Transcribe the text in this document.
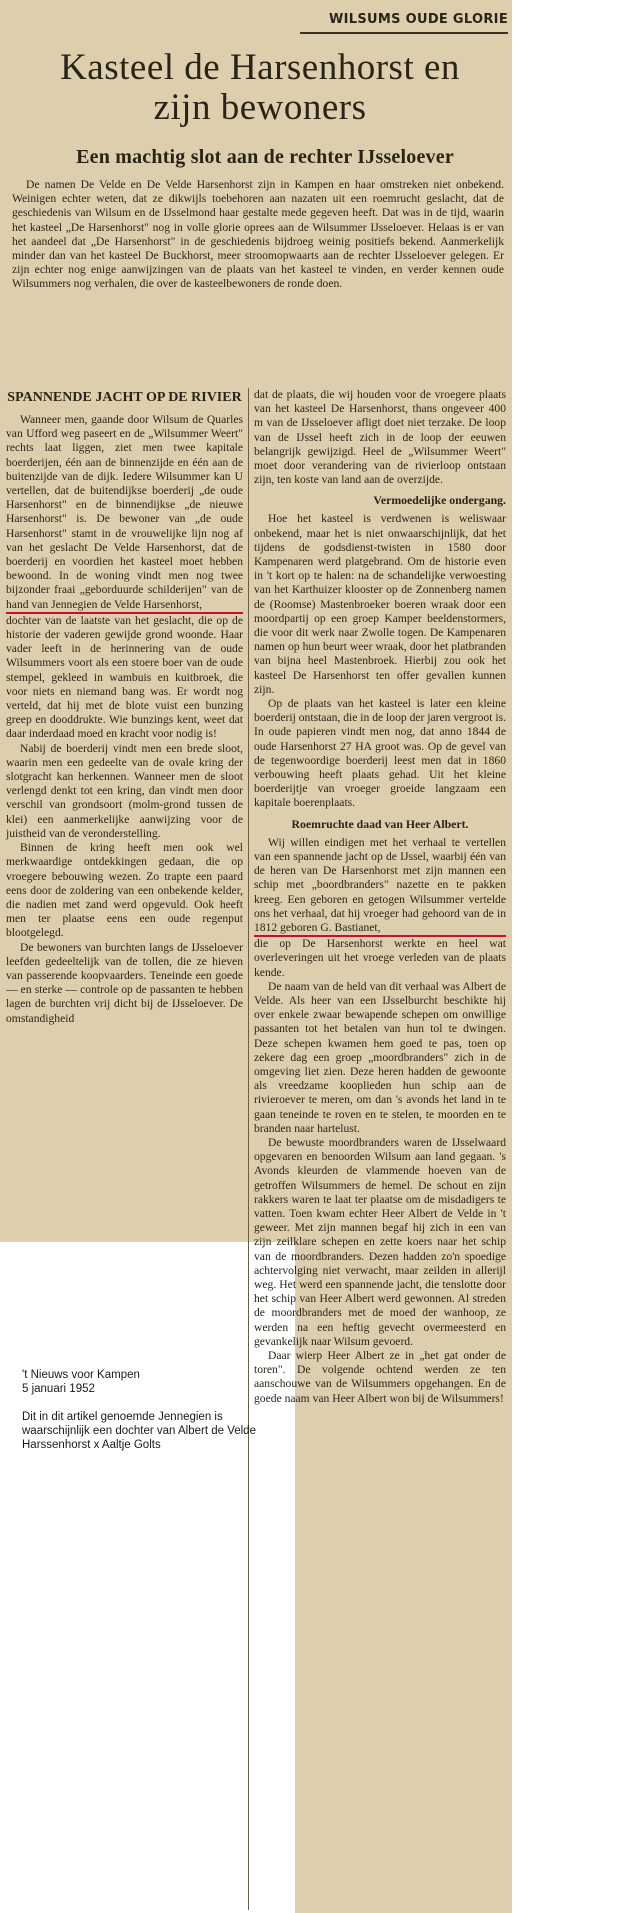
WILSUMS OUDE GLORIE
Kasteel de Harsenhorst en
zijn bewoners
Een machtig slot aan de rechter IJsseloever

De namen De Velde en De Velde Harsenhorst zijn in Kampen en haar omstreken niet onbekend. Weinigen echter weten, dat ze dikwijls toebehoren aan nazaten uit een roemrucht geslacht, dat de geschiedenis van Wilsum en de IJsselmond haar gestalte mede gegeven heeft. Dat was in de tijd, waarin het kasteel „De Harsenhorst" nog in volle glorie oprees aan de Wilsummer IJsseloever. Helaas is er van het aandeel dat „De Harsenhorst" in de geschiedenis bijdroeg weinig positiefs bekend. Aanmerkelijk minder dan van het kasteel De Buckhorst, meer stroomopwaarts aan de rechter IJsseloever gelegen. Er zijn echter nog enige aanwijzingen van de plaats van het kasteel te vinden, en verder kennen oude Wilsummers nog verhalen, die over de kasteelbewoners de ronde doen.

SPANNENDE JACHT OP DE RIVIER

Wanneer men, gaande door Wilsum de Quarles van Ufford weg paseert en de „Wilsummer Weert" rechts laat liggen, ziet men twee kapitale boerderijen, één aan de binnenzijde en één aan de buitenzijde van de dijk. Iedere Wilsummer kan U vertellen, dat de buitendijkse boerderij „de oude Harsenhorst" en de binnendijkse „de nieuwe Harsenhorst" is. De bewoner van „de oude Harsenhorst" stamt in de vrouwelijke lijn nog af van het geslacht De Velde Harsenhorst, dat de boerderij en voordien het kasteel moet hebben bewoond. In de woning vindt men nog twee bijzonder fraai „geborduurde schilderijen" van de hand van Jennegien de Velde Harsenhorst,

dochter van de laatste van het geslacht, die op de historie der vaderen gewijde grond woonde. Haar vader leeft in de herinnering van de oude Wilsummers voort als een stoere boer van de oude stempel, gekleed in wambuis en kuitbroek, die voor niets en niemand bang was. Er wordt nog verteld, dat hij met de blote vuist een bunzing greep en dooddrukte. Wie bunzings kent, weet dat daar inderdaad moed en kracht voor nodig is!

Nabij de boerderij vindt men een brede sloot, waarin men een gedeelte van de ovale kring der slotgracht kan herkennen. Wanneer men de sloot verlengd denkt tot een kring, dan vindt men door verschil van grondsoort (molm-grond tussen de klei) een aanmerkelijke aanwijzing voor de juistheid van de veronderstelling.

Binnen de kring heeft men ook wel merkwaardige ontdekkingen gedaan, die op vroegere bebouwing wezen. Zo trapte een paard eens door de zoldering van een onbekende kelder, die nadien met zand werd opgevuld. Ook heeft men ter plaatse eens een oude regenput blootgelegd.

De bewoners van burchten langs de IJsseloever leefden gedeeltelijk van de tollen, die ze hieven van passerende koopvaarders. Teneinde een goede — en sterke — controle op de passanten te hebben lagen de burchten vrij dicht bij de IJsseloever. De omstandigheid

dat de plaats, die wij houden voor de vroegere plaats van het kasteel De Harsenhorst, thans ongeveer 400 m van de IJsseloever afligt doet niet terzake. De loop van de IJssel heeft zich in de loop der eeuwen belangrijk gewijzigd. Heel de „Wilsummer Weert" moet door verandering van de rivierloop ontstaan zijn, ten koste van land aan de overzijde.

Vermoedelijke ondergang.

Hoe het kasteel is verdwenen is weliswaar onbekend, maar het is niet onwaarschijnlijk, dat het tijdens de godsdienst-twisten in 1580 door Kampenaren werd platgebrand. Om de historie even in 't kort op te halen: na de schandelijke verwoesting van het Karthuizer klooster op de Zonnenberg namen de (Roomse) Mastenbroeker boeren wraak door een moordpartij op een groep Kamper beeldenstormers, die voor dit werk naar Zwolle togen. De Kampenaren namen op hun beurt weer wraak, door het platbranden van bijna heel Mastenbroek. Hierbij zou ook het kasteel De Harsenhorst ten offer gevallen kunnen zijn.

Op de plaats van het kasteel is later een kleine boerderij ontstaan, die in de loop der jaren vergroot is. In oude papieren vindt men nog, dat anno 1844 de oude Harsenhorst 27 HA groot was. Op de gevel van de tegenwoordige boerderij leest men dat in 1860 verbouwing heeft plaats gehad. Uit het kleine boerderijtje van vroeger groeide langzaam een kapitale boerenplaats.

Roemruchte daad van Heer Albert.

Wij willen eindigen met het verhaal te vertellen van een spannende jacht op de IJssel, waarbij één van de heren van De Harsenhorst met zijn mannen een schip met „boordbranders" nazette en te pakken kreeg. Een geboren en getogen Wilsummer vertelde ons het verhaal, dat hij vroeger had gehoord van de in 1812 geboren G. Bastianet,

die op De Harsenhorst werkte en heel wat overleveringen uit het vroege verleden van de plaats kende.

De naam van de held van dit verhaal was Albert de Velde. Als heer van een IJsselburcht beschikte hij over enkele zwaar bewapende schepen om onwillige passanten tot het betalen van hun tol te dwingen. Deze schepen kwamen hem goed te pas, toen op zekere dag een groep „moordbranders" zich in de omgeving liet zien. Deze heren hadden de gewoonte als vreedzame kooplieden hun schip aan de rivieroever te meren, om dan 's avonds het land in te gaan teneinde te roven en te stelen, te moorden en te branden naar hartelust.

De bewuste moordbranders waren de IJsselwaard opgevaren en benoorden Wilsum aan land gegaan. 's Avonds kleurden de vlammende hoeven van de getroffen Wilsummers de hemel. De schout en zijn rakkers waren te laat ter plaatse om de misdadigers te vatten. Toen kwam echter Heer Albert de Velde in 't geweer. Met zijn mannen begaf hij zich in een van zijn zeilklare schepen en zette koers naar het schip van de moordbranders. Dezen hadden zo'n spoedige achtervolging niet verwacht, maar zeilden in allerijl weg. Het werd een spannende jacht, die tenslotte door het schip van Heer Albert werd gewonnen. Al streden de moordbranders met de moed der wanhoop, ze werden na een heftig gevecht overmeesterd en gevankelijk naar Wilsum gevoerd.

Daar wierp Heer Albert ze in „het gat onder de toren". De volgende ochtend werden ze ten aanschouwe van de Wilsummers opgehangen. En de goede naam van Heer Albert won bij de Wilsummers!

't Nieuws voor Kampen

5 januari 1952

Dit in dit artikel genoemde Jennegien is waarschijnlijk een dochter van Albert de Velde Harssenhorst x Aaltje Golts
